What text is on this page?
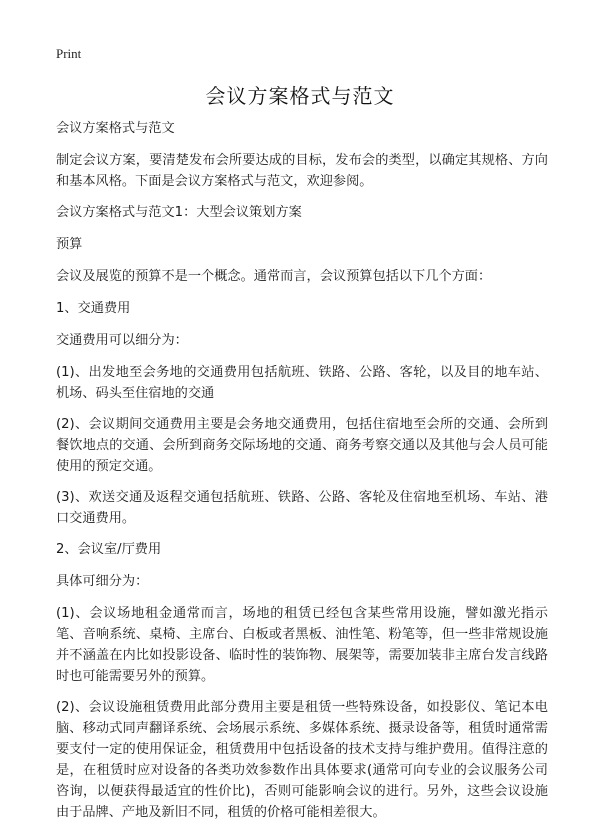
Print
会议方案格式与范文

会议方案格式与范文

制定会议方案，要清楚发布会所要达成的目标，发布会的类型，以确定其规格、方向和基本风格。下面是会议方案格式与范文，欢迎参阅。

会议方案格式与范文1：大型会议策划方案

预算

会议及展览的预算不是一个概念。通常而言，会议预算包括以下几个方面：

1、交通费用

交通费用可以细分为：

(1)、出发地至会务地的交通费用包括航班、铁路、公路、客轮，以及目的地车站、机场、码头至住宿地的交通

(2)、会议期间交通费用主要是会务地交通费用，包括住宿地至会所的交通、会所到餐饮地点的交通、会所到商务交际场地的交通、商务考察交通以及其他与会人员可能使用的预定交通。

(3)、欢送交通及返程交通包括航班、铁路、公路、客轮及住宿地至机场、车站、港口交通费用。

2、会议室/厅费用

具体可细分为：

(1)、会议场地租金通常而言，场地的租赁已经包含某些常用设施，譬如激光指示笔、音响系统、桌椅、主席台、白板或者黑板、油性笔、粉笔等，但一些非常规设施并不涵盖在内比如投影设备、临时性的装饰物、展架等，需要加装非主席台发言线路时也可能需要另外的预算。

(2)、会议设施租赁费用此部分费用主要是租赁一些特殊设备，如投影仪、笔记本电脑、移动式同声翻译系统、会场展示系统、多媒体系统、摄录设备等，租赁时通常需要支付一定的使用保证金，租赁费用中包括设备的技术支持与维护费用。值得注意的是，在租赁时应对设备的各类功效参数作出具体要求(通常可向专业的会议服务公司咨询，以便获得最适宜的性价比)，否则可能影响会议的进行。另外，这些会议设施由于品牌、产地及新旧不同，租赁的价格可能相差很大。
